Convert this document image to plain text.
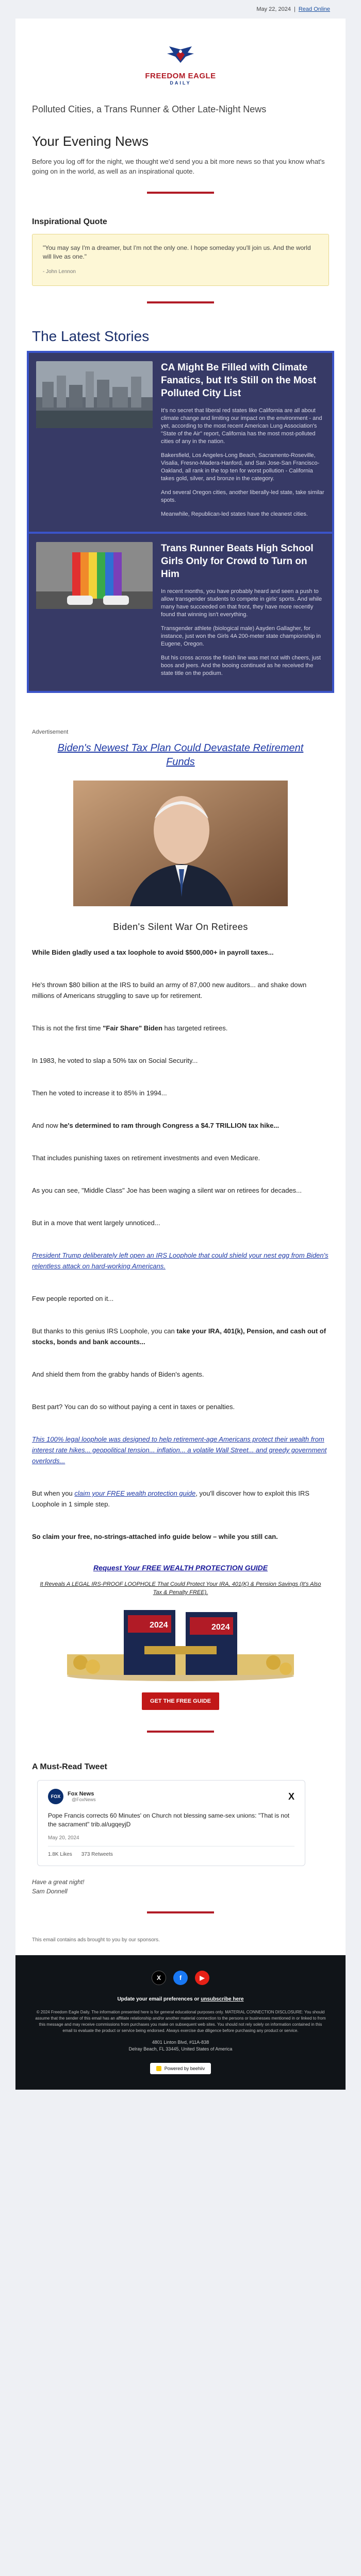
May 22, 2024 | Read Online
FREEDOM EAGLE
DAILY
Polluted Cities, a Trans Runner & Other Late-Night News
Your Evening News

Before you log off for the night, we thought we'd send you a bit more news so that you know what's going on in the world, as well as an inspirational quote.

Inspirational Quote

"You may say I'm a dreamer, but I'm not the only one. I hope someday you'll join us. And the world will live as one."

- John Lennon

The Latest Stories
CA Might Be Filled with Climate Fanatics, but It's Still on the Most Polluted City List

It's no secret that liberal red states like California are all about climate change and limiting our impact on the environment - and yet, according to the most recent American Lung Association's "State of the Air" report, California has the most most-polluted cities of any in the nation.

Bakersfield, Los Angeles-Long Beach, Sacramento-Roseville, Visalia, Fresno-Madera-Hanford, and San Jose-San Francisco-Oakland, all rank in the top ten for worst pollution - California takes gold, silver, and bronze in the category.

And several Oregon cities, another liberally-led state, take similar spots.

Meanwhile, Republican-led states have the cleanest cities.

Trans Runner Beats High School Girls Only for Crowd to Turn on Him

In recent months, you have probably heard and seen a push to allow transgender students to compete in girls' sports. And while many have succeeded on that front, they have more recently found that winning isn't everything.

Transgender athlete (biological male) Aayden Gallagher, for instance, just won the Girls 4A 200-meter state championship in Eugene, Oregon.

But his cross across the finish line was met not with cheers, just boos and jeers. And the booing continued as he received the state title on the podium.

Advertisement
Biden's Newest Tax Plan Could Devastate Retirement Funds
Biden's Silent War On Retirees

While Biden gladly used a tax loophole to avoid $500,000+ in payroll taxes...

He's thrown $80 billion at the IRS to build an army of 87,000 new auditors... and shake down millions of Americans struggling to save up for retirement.

This is not the first time "Fair Share" Biden has targeted retirees.

In 1983, he voted to slap a 50% tax on Social Security...

Then he voted to increase it to 85% in 1994...

And now he's determined to ram through Congress a $4.7 TRILLION tax hike...

That includes punishing taxes on retirement investments and even Medicare.

As you can see, "Middle Class" Joe has been waging a silent war on retirees for decades...

But in a move that went largely unnoticed...

President Trump deliberately left open an IRS Loophole that could shield your nest egg from Biden's relentless attack on hard-working Americans.

Few people reported on it...

But thanks to this genius IRS Loophole, you can take your IRA, 401(k), Pension, and cash out of stocks, bonds and bank accounts...

And shield them from the grabby hands of Biden's agents.

Best part? You can do so without paying a cent in taxes or penalties.

This 100% legal loophole was designed to help retirement-age Americans protect their wealth from interest rate hikes... geopolitical tension... inflation... a volatile Wall Street... and greedy government overlords...

But when you claim your FREE wealth protection guide, you'll discover how to exploit this IRS Loophole in 1 simple step.

So claim your free, no-strings-attached info guide below – while you still can.

Request Your FREE WEALTH PROTECTION GUIDE
It Reveals A LEGAL IRS-PROOF LOOPHOLE That Could Protect Your IRA, 401(K) & Pension Savings (It's Also Tax & Penalty FREE).
2024	2024
GET THE FREE GUIDE
A Must-Read Tweet
FOX	Fox News
@FoxNews	X
Pope Francis corrects 60 Minutes' on Church not blessing same-sex unions: "That is not the sacrament" trib.al/ugqeyjD
May 20, 2024
1.8K Likes 373 Retweets

Have a great night!
Sam Donnell

This email contains ads brought to you by our sponsors.
X	f	▶
Update your email preferences or unsubscribe here
© 2024 Freedom Eagle Daily. The information presented here is for general educational purposes only. MATERIAL CONNECTION DISCLOSURE: You should assume that the sender of this email has an affiliate relationship and/or another material connection to the persons or businesses mentioned in or linked to from this message and may receive commissions from purchases you make on subsequent web sites. You should not rely solely on information contained in this email to evaluate the product or service being endorsed. Always exercise due diligence before purchasing any product or service.
4801 Linton Blvd, #11A-838
Delray Beach, FL 33445, United States of America
Powered by beehiiv
